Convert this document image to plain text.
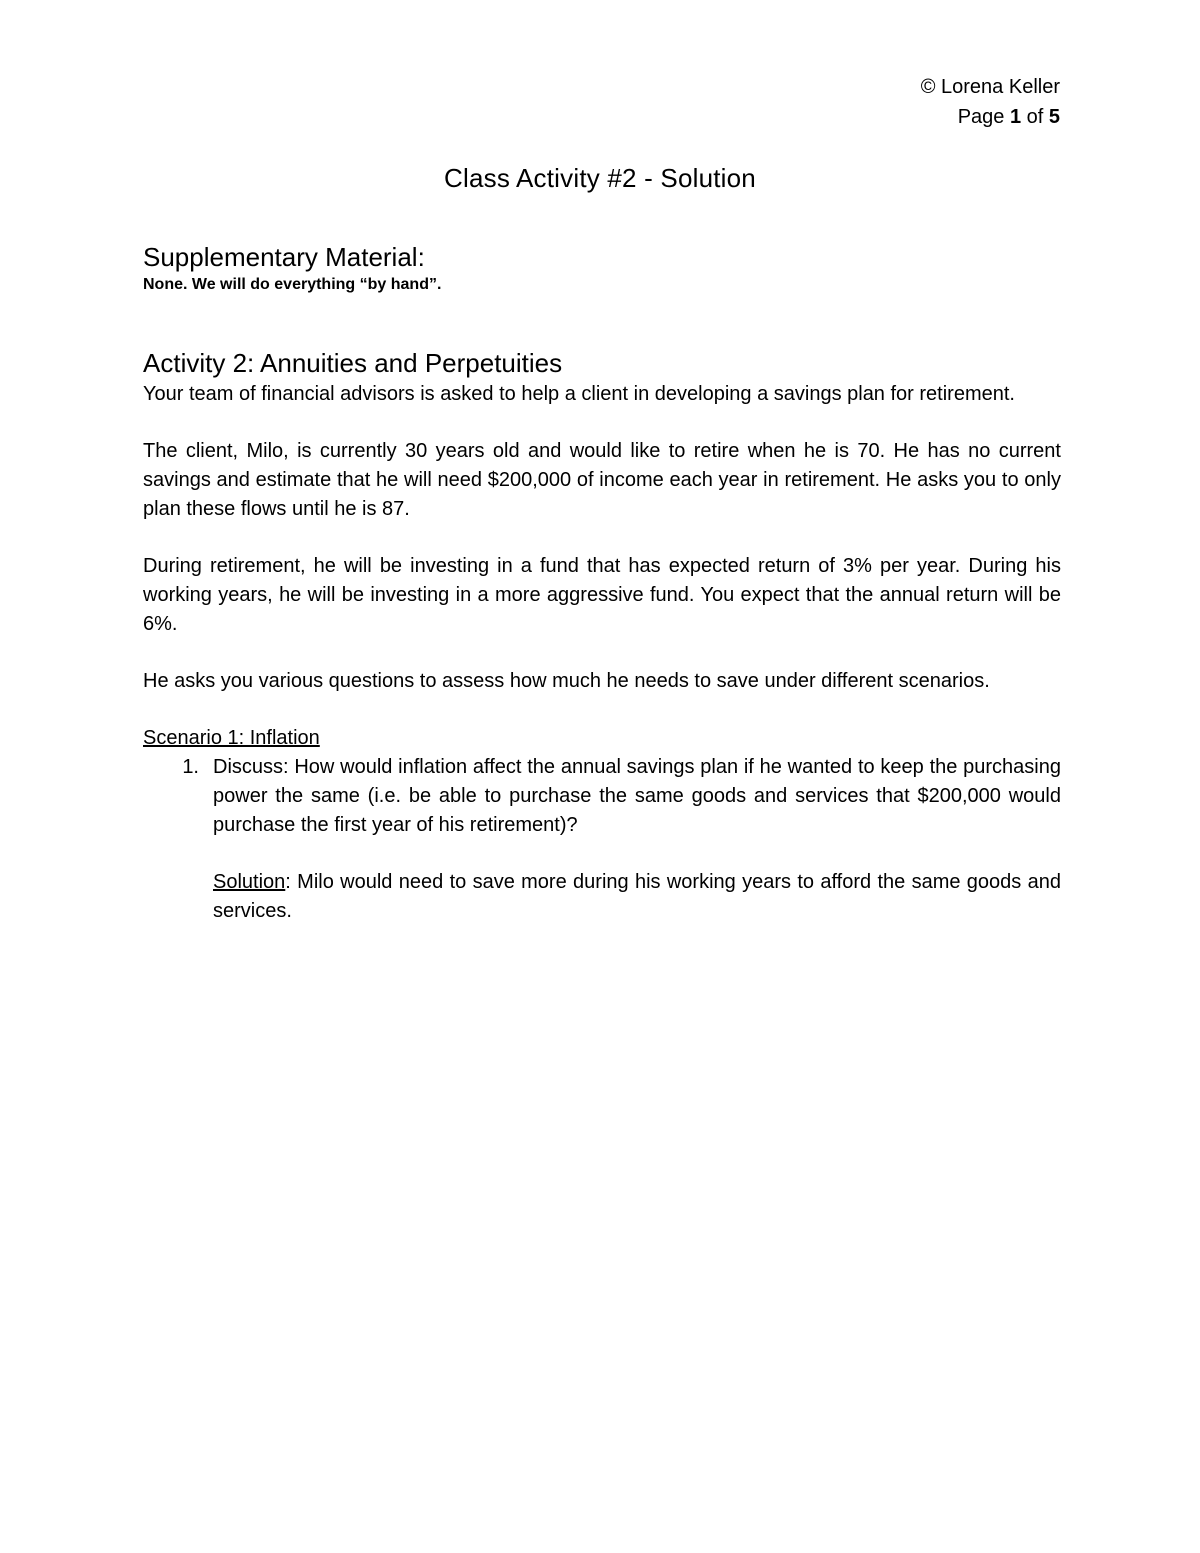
© Lorena Keller
Page 1 of 5
Class Activity #2 - Solution
Supplementary Material:

None. We will do everything “by hand”.

Activity 2: Annuities and Perpetuities

Your team of financial advisors is asked to help a client in developing a savings plan for retirement.

The client, Milo, is currently 30 years old and would like to retire when he is 70. He has no current savings and estimate that he will need $200,000 of income each year in retirement. He asks you to only plan these flows until he is 87.

During retirement, he will be investing in a fund that has expected return of 3% per year. During his working years, he will be investing in a more aggressive fund. You expect that the annual return will be 6%.

He asks you various questions to assess how much he needs to save under different scenarios.

Scenario 1: Inflation

1. Discuss: How would inflation affect the annual savings plan if he wanted to keep the purchasing power the same (i.e. be able to purchase the same goods and services that $200,000 would purchase the first year of his retirement)?
Solution: Milo would need to save more during his working years to afford the same goods and services.
